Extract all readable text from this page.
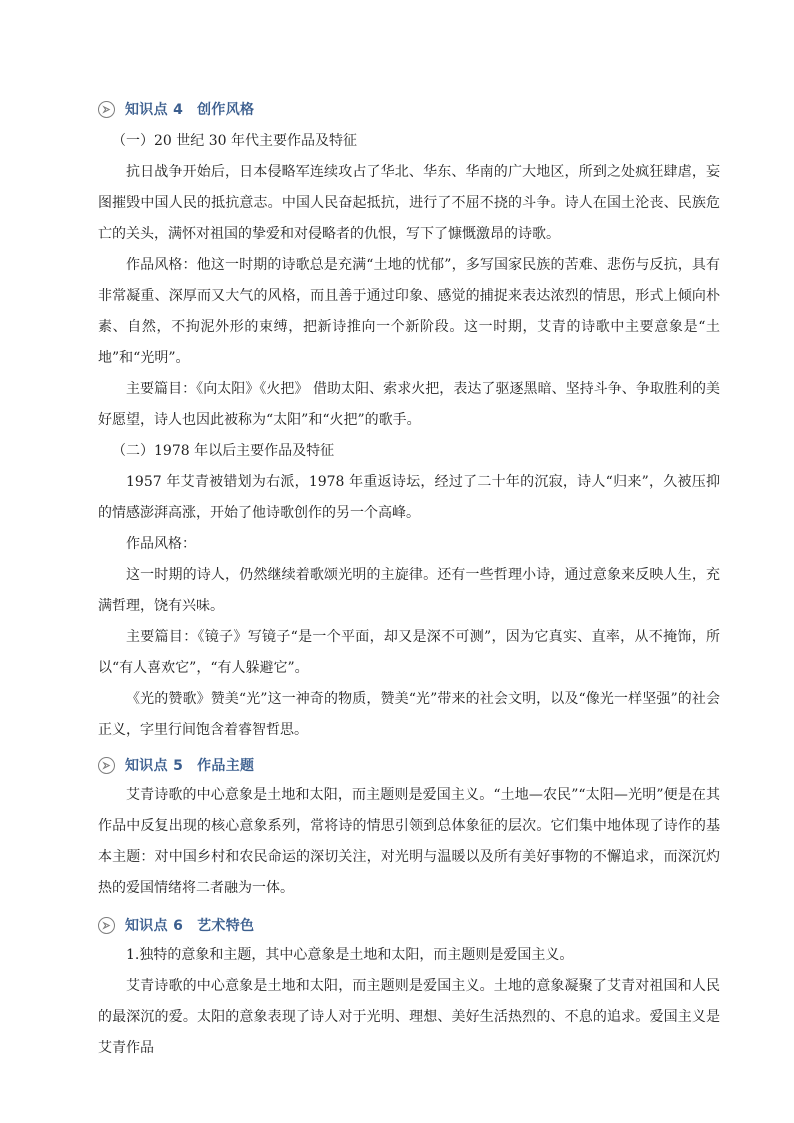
知识点 4 创作风格

（一）20 世纪 30 年代主要作品及特征

抗日战争开始后，日本侵略军连续攻占了华北、华东、华南的广大地区，所到之处疯狂肆虐，妄图摧毁中国人民的抵抗意志。中国人民奋起抵抗，进行了不屈不挠的斗争。诗人在国土沦丧、民族危亡的关头，满怀对祖国的挚爱和对侵略者的仇恨，写下了慷慨激昂的诗歌。

作品风格：他这一时期的诗歌总是充满“土地的忧郁”，多写国家民族的苦难、悲伤与反抗，具有非常凝重、深厚而又大气的风格，而且善于通过印象、感觉的捕捉来表达浓烈的情思，形式上倾向朴素、自然，不拘泥外形的束缚，把新诗推向一个新阶段。这一时期，艾青的诗歌中主要意象是“土地”和“光明”。

主要篇目：《向太阳》《火把》 借助太阳、索求火把，表达了驱逐黑暗、坚持斗争、争取胜利的美好愿望，诗人也因此被称为“太阳”和“火把”的歌手。

（二）1978 年以后主要作品及特征

1957 年艾青被错划为右派，1978 年重返诗坛，经过了二十年的沉寂，诗人“归来”，久被压抑的情感澎湃高涨，开始了他诗歌创作的另一个高峰。

作品风格：

这一时期的诗人，仍然继续着歌颂光明的主旋律。还有一些哲理小诗，通过意象来反映人生，充满哲理，饶有兴味。

主要篇目：《镜子》写镜子“是一个平面，却又是深不可测”，因为它真实、直率，从不掩饰，所以“有人喜欢它”，“有人躲避它”。

《光的赞歌》赞美“光”这一神奇的物质，赞美“光”带来的社会文明，以及“像光一样坚强”的社会正义，字里行间饱含着睿智哲思。

知识点 5 作品主题

艾青诗歌的中心意象是土地和太阳，而主题则是爱国主义。“土地—农民”“太阳—光明”便是在其作品中反复出现的核心意象系列，常将诗的情思引领到总体象征的层次。它们集中地体现了诗作的基本主题：对中国乡村和农民命运的深切关注，对光明与温暖以及所有美好事物的不懈追求，而深沉灼热的爱国情绪将二者融为一体。

知识点 6 艺术特色

1.独特的意象和主题，其中心意象是土地和太阳，而主题则是爱国主义。

艾青诗歌的中心意象是土地和太阳，而主题则是爱国主义。土地的意象凝聚了艾青对祖国和人民的最深沉的爱。太阳的意象表现了诗人对于光明、理想、美好生活热烈的、不息的追求。爱国主义是艾青作品
